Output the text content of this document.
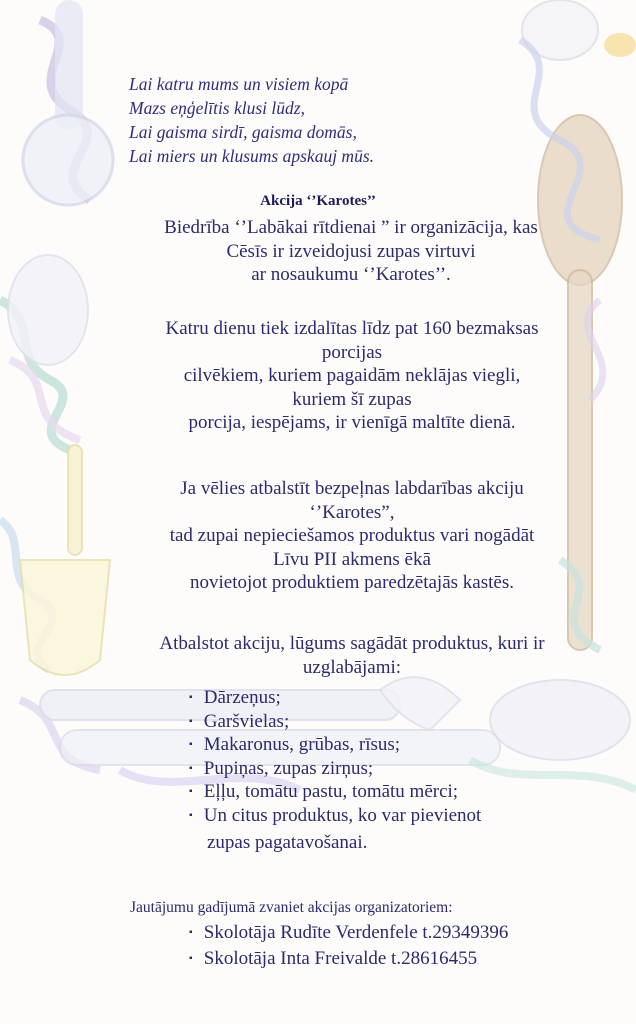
Lai katru mums un visiem kopā
Mazs eņģelītis klusi lūdz,
Lai gaisma sirdī, gaisma domās,
Lai miers un klusums apskauj mūs.
Akcija ‘’Karotes’’
Biedrība ‘’Labākai rītdienai ” ir organizācija, kas
Cēsīs ir izveidojusi zupas virtuvi
ar nosaukumu ‘’Karotes’’.
Katru dienu tiek izdalītas līdz pat 160 bezmaksas
porcijas
cilvēkiem, kuriem pagaidām neklājas viegli,
kuriem šī zupas
porcija, iespējams, ir vienīgā maltīte dienā.
Ja vēlies atbalstīt bezpeļnas labdarības akciju
‘’Karotes”,
tad zupai nepieciešamos produktus vari nogādāt
Līvu PII akmens ēkā
novietojot produktiem paredzētajās kastēs.
Atbalstot akciju, lūgums sagādāt produktus, kuri ir
uzglabājami:
▪ Dārzeņus;
▪ Garšvielas;
▪ Makaronus, grūbas, rīsus;
▪ Pupiņas, zupas zirņus;
▪ Eļļu, tomātu pastu, tomātu mērci;
▪ Un citus produktus, ko var pievienot
zupas pagatavošanai.
Jautājumu gadījumā zvaniet akcijas organizatoriem:
▪ Skolotāja Rudīte Verdenfele t.29349396
▪ Skolotāja Inta Freivalde t.28616455
